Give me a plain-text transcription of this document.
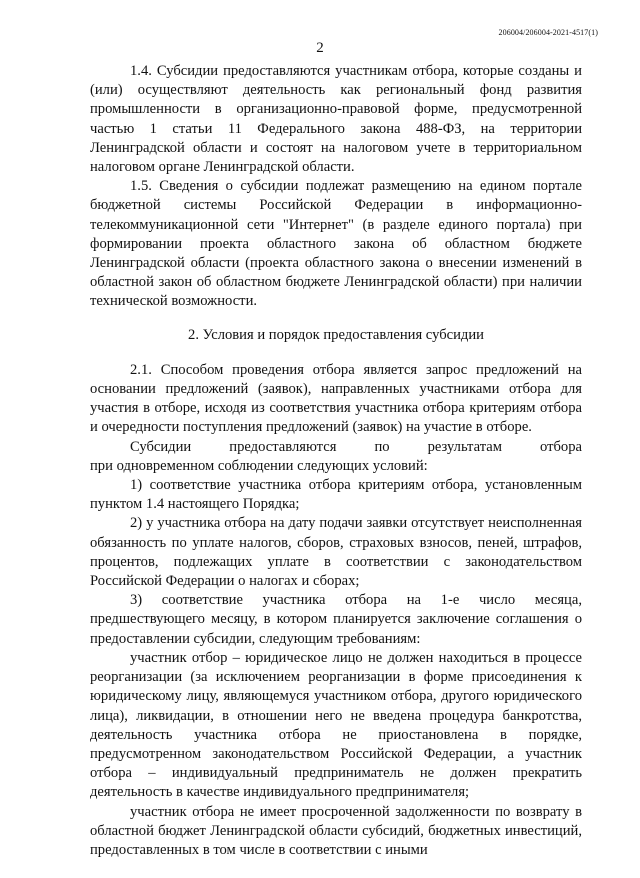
206004/206004-2021-4517(1)
2

1.4. Субсидии предоставляются участникам отбора, которые созданы и (или) осуществляют деятельность как региональный фонд развития промышленности в организационно-правовой форме, предусмотренной частью 1 статьи 11 Федерального закона 488-ФЗ, на территории Ленинградской области и состоят на налоговом учете в территориальном налоговом органе Ленинградской области.

1.5. Сведения о субсидии подлежат размещению на едином портале бюджетной системы Российской Федерации в информационно-телекоммуникационной сети "Интернет" (в разделе единого портала) при формировании проекта областного закона об областном бюджете Ленинградской области (проекта областного закона о внесении изменений в областной закон об областном бюджете Ленинградской области) при наличии технической возможности.

2. Условия и порядок предоставления субсидии

2.1. Способом проведения отбора является запрос предложений на основании предложений (заявок), направленных участниками отбора для участия в отборе, исходя из соответствия участника отбора критериям отбора и очередности поступления предложений (заявок) на участие в отборе.

Субсидии предоставляются по результатам отбора

при одновременном соблюдении следующих условий:

1) соответствие участника отбора критериям отбора, установленным пунктом 1.4 настоящего Порядка;

2) у участника отбора на дату подачи заявки отсутствует неисполненная обязанность по уплате налогов, сборов, страховых взносов, пеней, штрафов, процентов, подлежащих уплате в соответствии с законодательством Российской Федерации о налогах и сборах;

3) соответствие участника отбора на 1-е число месяца, предшествующего месяцу, в котором планируется заключение соглашения о предоставлении субсидии, следующим требованиям:

участник отбор – юридическое лицо не должен находиться в процессе реорганизации (за исключением реорганизации в форме присоединения к юридическому лицу, являющемуся участником отбора, другого юридического лица), ликвидации, в отношении него не введена процедура банкротства, деятельность участника отбора не приостановлена в порядке, предусмотренном законодательством Российской Федерации, а участник отбора – индивидуальный предприниматель не должен прекратить деятельность в качестве индивидуального предпринимателя;

участник отбора не имеет просроченной задолженности по возврату в областной бюджет Ленинградской области субсидий, бюджетных инвестиций, предоставленных в том числе в соответствии с иными
